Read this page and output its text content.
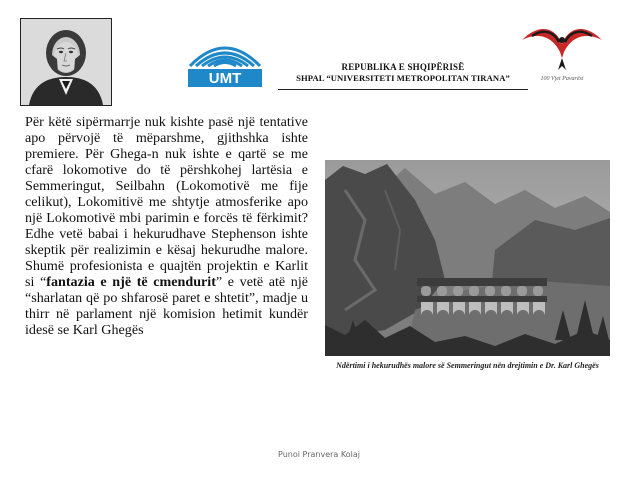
UMT
REPUBLIKA E SHQIPËRISË
SHPAL “UNIVERSITETI METROPOLITAN TIRANA”	100 Vjet Pavarësi
Për këtë sipërmarrje nuk kishte pasë një tentative apo përvojë të mëparshme, gjithshka ishte premiere. Për Ghega-n nuk ishte e qartë se me cfarë lokomotive do të përshkohej lartësia e Semmeringut, Seilbahn (Lokomotivë me fije celikut), Lokomitivë me shtytje atmosferike apo një Lokomotivë mbi parimin e forcës të fërkimit? Edhe vetë babai i hekurudhave Stephenson ishte skeptik për realizimin e kësaj hekurudhe malore. Shumë profesionista e quajtën projektin e Karlit si “fantazia e një të cmendurit” e vetë atë një “sharlatan që po shfarosë paret e shtetit”, madje u thirr në parlament një komision hetimit kundër idesë se Karl Ghegës
Ndërtimi i hekurudhës malore së Semmeringut nën drejtimin e Dr. Karl Ghegës
Punoi Pranvera Kolaj
